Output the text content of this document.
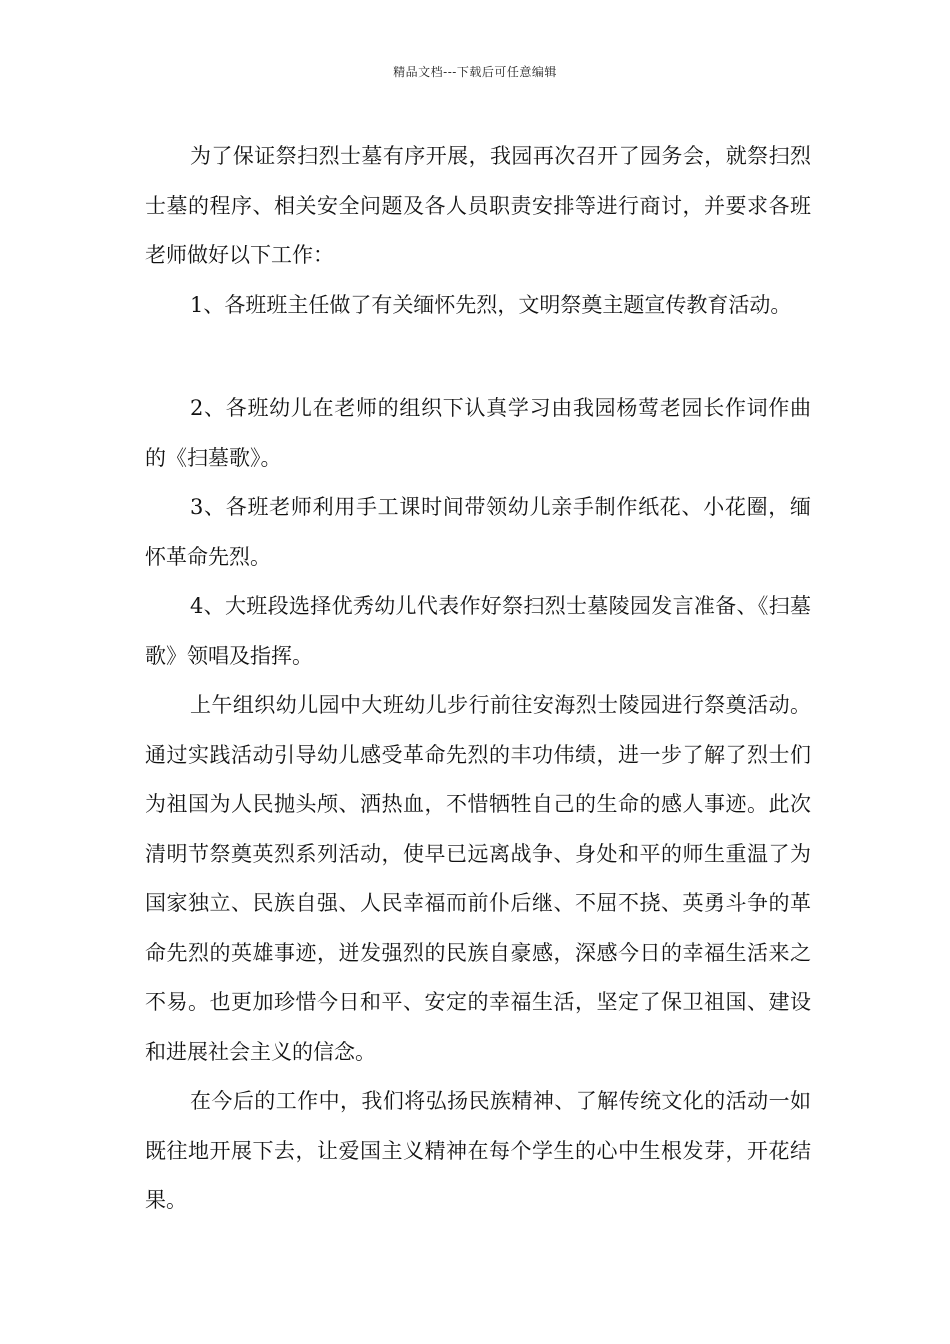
精品文档---下载后可任意编辑

为了保证祭扫烈士墓有序开展，我园再次召开了园务会，就祭扫烈士墓的程序、相关安全问题及各人员职责安排等进行商讨，并要求各班老师做好以下工作：

1、各班班主任做了有关缅怀先烈，文明祭奠主题宣传教育活动。

2、各班幼儿在老师的组织下认真学习由我园杨莺老园长作词作曲的《扫墓歌》。

3、各班老师利用手工课时间带领幼儿亲手制作纸花、小花圈，缅怀革命先烈。

4、大班段选择优秀幼儿代表作好祭扫烈士墓陵园发言准备、《扫墓歌》领唱及指挥。

上午组织幼儿园中大班幼儿步行前往安海烈士陵园进行祭奠活动。通过实践活动引导幼儿感受革命先烈的丰功伟绩，进一步了解了烈士们为祖国为人民抛头颅、洒热血，不惜牺牲自己的生命的感人事迹。此次清明节祭奠英烈系列活动，使早已远离战争、身处和平的师生重温了为国家独立、民族自强、人民幸福而前仆后继、不屈不挠、英勇斗争的革命先烈的英雄事迹，迸发强烈的民族自豪感，深感今日的幸福生活来之不易。也更加珍惜今日和平、安定的幸福生活，坚定了保卫祖国、建设和进展社会主义的信念。

在今后的工作中，我们将弘扬民族精神、了解传统文化的活动一如既往地开展下去，让爱国主义精神在每个学生的心中生根发芽，开花结果。
